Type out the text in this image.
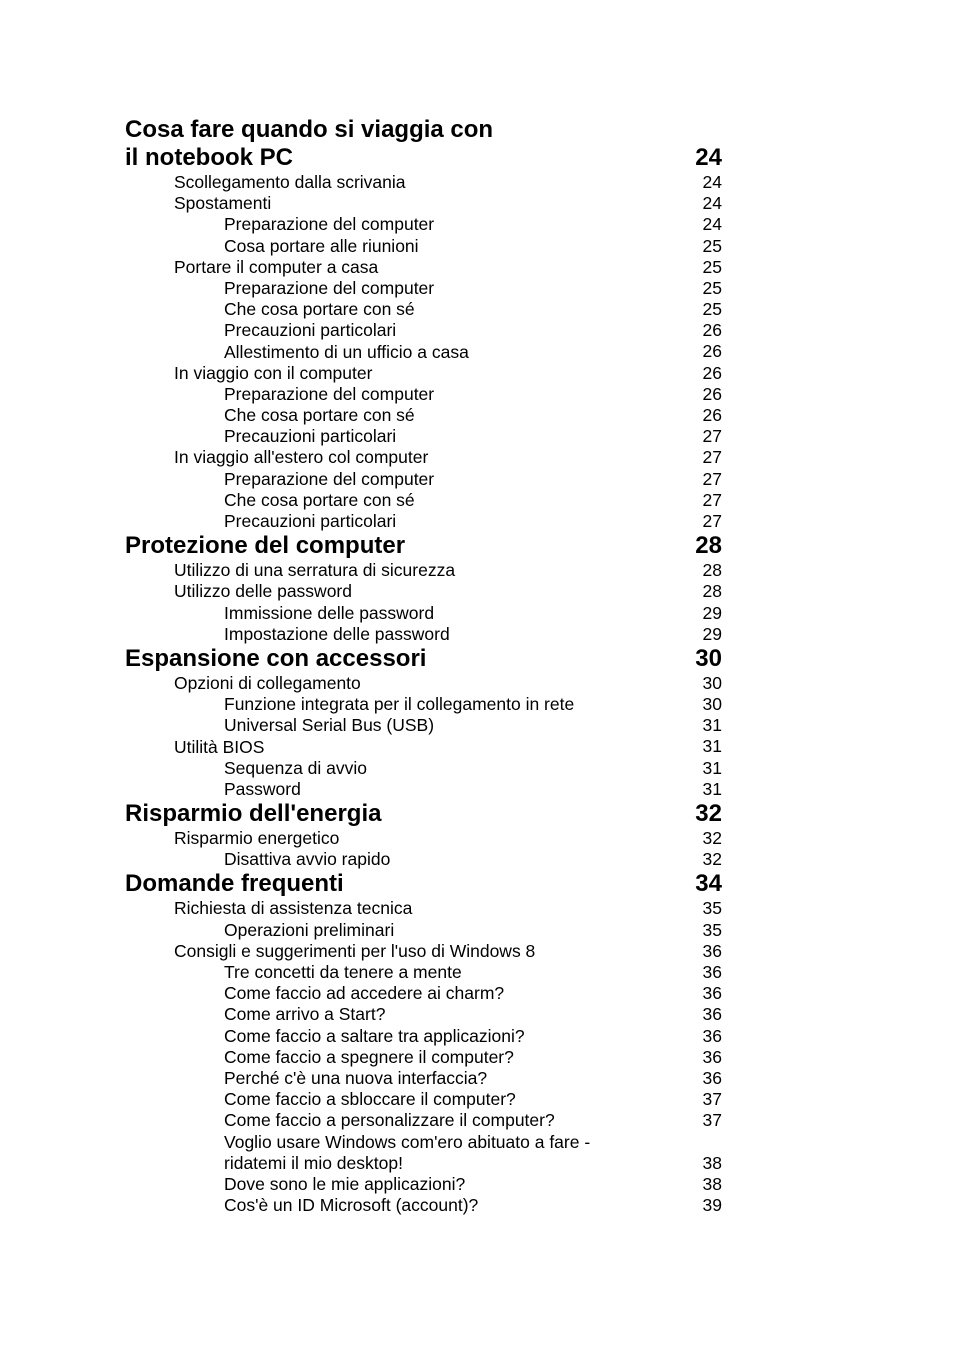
Cosa fare quando si viaggia con
il notebook PC	24
Scollegamento dalla scrivania	24
Spostamenti	24
Preparazione del computer	24
Cosa portare alle riunioni	25
Portare il computer a casa	25
Preparazione del computer	25
Che cosa portare con sé	25
Precauzioni particolari	26
Allestimento di un ufficio a casa	26
In viaggio con il computer	26
Preparazione del computer	26
Che cosa portare con sé	26
Precauzioni particolari	27
In viaggio all'estero col computer	27
Preparazione del computer	27
Che cosa portare con sé	27
Precauzioni particolari	27
Protezione del computer	28
Utilizzo di una serratura di sicurezza	28
Utilizzo delle password	28
Immissione delle password	29
Impostazione delle password	29
Espansione con accessori	30
Opzioni di collegamento	30
Funzione integrata per il collegamento in rete	30
Universal Serial Bus (USB)	31
Utilità BIOS	31
Sequenza di avvio	31
Password	31
Risparmio dell'energia	32
Risparmio energetico	32
Disattiva avvio rapido	32
Domande frequenti	34
Richiesta di assistenza tecnica	35
Operazioni preliminari	35
Consigli e suggerimenti per l'uso di Windows 8	36
Tre concetti da tenere a mente	36
Come faccio ad accedere ai charm?	36
Come arrivo a Start?	36
Come faccio a saltare tra applicazioni?	36
Come faccio a spegnere il computer?	36
Perché c'è una nuova interfaccia?	36
Come faccio a sbloccare il computer?	37
Come faccio a personalizzare il computer?	37
Voglio usare Windows com'ero abituato a fare -
ridatemi il mio desktop!	38
Dove sono le mie applicazioni?	38
Cos'è un ID Microsoft (account)?	39
